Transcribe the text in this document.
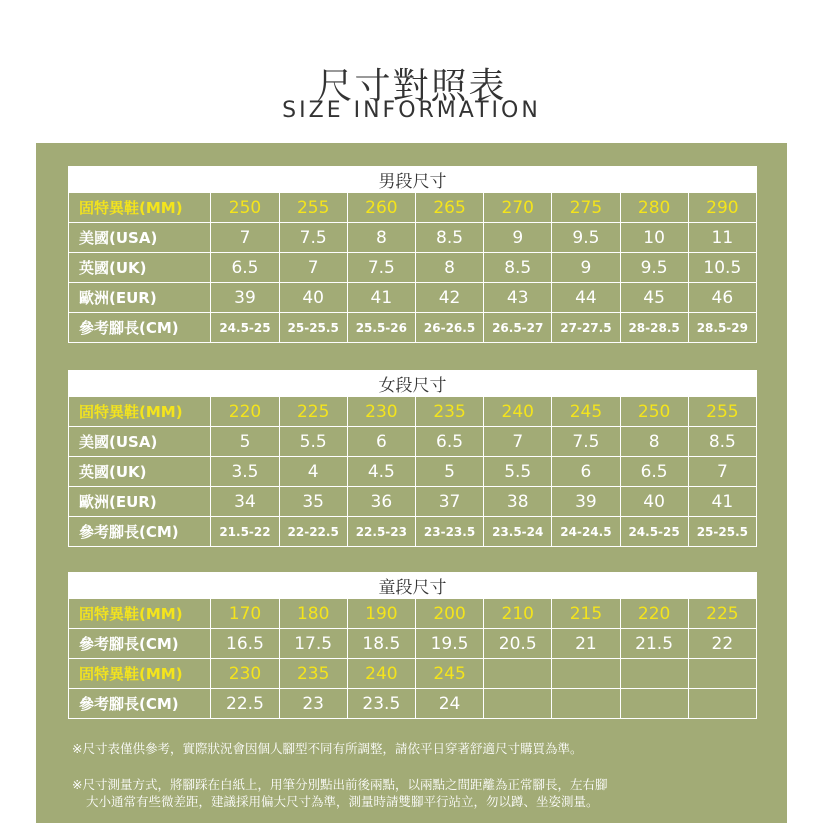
尺寸對照表
SIZE INFORMATION
男段尺寸								
固特異鞋(MM)	250	255	260	265	270	275	280	290
美國(USA)	7	7.5	8	8.5	9	9.5	10	11
英國(UK)	6.5	7	7.5	8	8.5	9	9.5	10.5
歐洲(EUR)	39	40	41	42	43	44	45	46
參考腳長(CM)	24.5-25	25-25.5	25.5-26	26-26.5	26.5-27	27-27.5	28-28.5	28.5-29
女段尺寸								
固特異鞋(MM)	220	225	230	235	240	245	250	255
美國(USA)	5	5.5	6	6.5	7	7.5	8	8.5
英國(UK)	3.5	4	4.5	5	5.5	6	6.5	7
歐洲(EUR)	34	35	36	37	38	39	40	41
參考腳長(CM)	21.5-22	22-22.5	22.5-23	23-23.5	23.5-24	24-24.5	24.5-25	25-25.5
童段尺寸								
固特異鞋(MM)	170	180	190	200	210	215	220	225
參考腳長(CM)	16.5	17.5	18.5	19.5	20.5	21	21.5	22
固特異鞋(MM)	230	235	240	245				
參考腳長(CM)	22.5	23	23.5	24				
※尺寸表僅供參考，實際狀況會因個人腳型不同有所調整，請依平日穿著舒適尺寸購買為準。
※尺寸測量方式，將腳踩在白紙上，用筆分別點出前後兩點，以兩點之間距離為正常腳長，左右腳
大小通常有些微差距，建議採用偏大尺寸為準，測量時請雙腳平行站立，勿以蹲、坐姿測量。
